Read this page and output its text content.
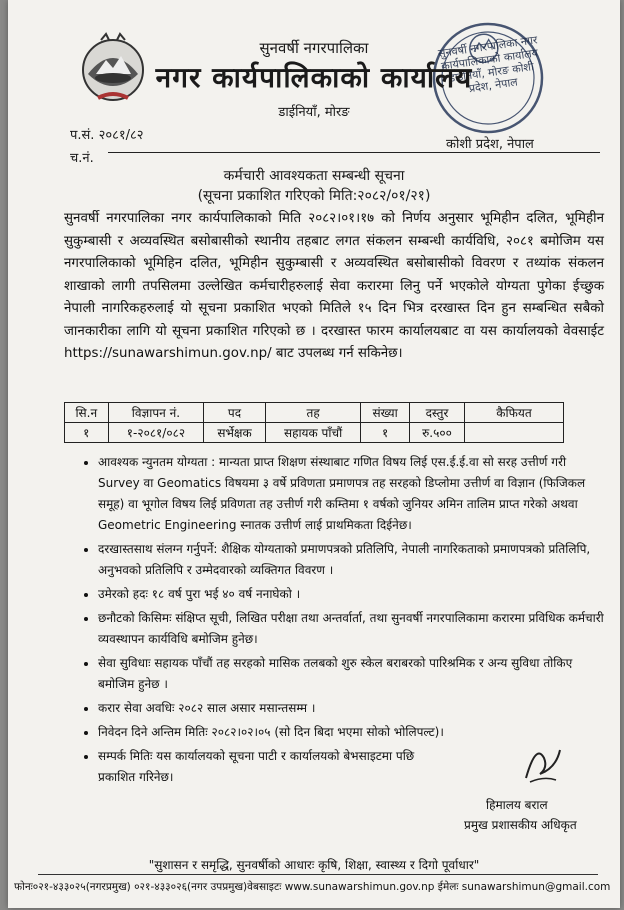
सुनवर्षी नगरपालिका नगर कार्यपालिकाको कार्यालय डाईनियाँ, मोरङ कोशी प्रदेश, नेपाल
सुनवर्षी नगरपालिका
नगर कार्यपालिकाको कार्यालय
डाईनियाँ, मोरङ
प.सं. २०८१/८२
च.नं.
कोशी प्रदेश, नेपाल
कर्मचारी आवश्यकता सम्बन्धी सूचना
(सूचना प्रकाशित गरिएको मिति:२०८२/०१/२१)
सुनवर्षी नगरपालिका नगर कार्यपालिकाको मिति २०८२।०१।१७ को निर्णय अनुसार भूमिहीन दलित, भूमिहीन सुकुम्बासी र अव्यवस्थित बसोबासीको स्थानीय तहबाट लगत संकलन सम्बन्धी कार्यविधि, २०८१ बमोजिम यस नगरपालिकाको भूमिहिन दलित, भूमिहीन सुकुम्बासी र अव्यवस्थित बसोबासीको विवरण र तथ्यांक संकलन शाखाको लागी तपसिलमा उल्लेखित कर्मचारीहरुलाई सेवा करारमा लिनु पर्ने भएकोले योग्यता पुगेका ईच्छुक नेपाली नागरिकहरुलाई यो सूचना प्रकाशित भएको मितिले १५ दिन भित्र दरखास्त दिन हुन सम्बन्धित सबैको जानकारीका लागि यो सूचना प्रकाशित गरिएको छ । दरखास्त फारम कार्यालयबाट वा यस कार्यालयको वेवसाईट https://sunawarshimun.gov.np/ बाट उपलब्ध गर्न सकिनेछ।
सि.न	विज्ञापन नं.	पद	तह	संख्या	दस्तुर	कैफियत
१	१-२०८१/०८२	सर्भेक्षक	सहायक पाँचौं	१	रु.५००	
• आवश्यक न्युनतम योग्यता : मान्यता प्राप्त शिक्षण संस्थाबाट गणित विषय लिई एस.ई.ई.वा सो सरह उत्तीर्ण गरी Survey वा Geomatics विषयमा ३ वर्षे प्रविणता प्रमाणपत्र तह सरहको डिप्लोमा उत्तीर्ण वा विज्ञान (फिजिकल समूह) वा भूगोल विषय लिई प्रविणता तह उत्तीर्ण गरी कम्तिमा १ वर्षको जुनियर अमिन तालिम प्राप्त गरेको अथवा Geometric Engineering स्नातक उत्तीर्ण लाई प्राथमिकता दिईनेछ।
• दरखास्तसाथ संलग्न गर्नुपर्ने: शैक्षिक योग्यताको प्रमाणपत्रको प्रतिलिपि, नेपाली नागरिकताको प्रमाणपत्रको प्रतिलिपि, अनुभवको प्रतिलिपि र उम्मेदवारको व्यक्तिगत विवरण ।
• उमेरको हदः १८ वर्ष पुरा भई ४० वर्ष ननाघेको ।
• छनौटको किसिमः संक्षिप्त सूची, लिखित परीक्षा तथा अन्तर्वार्ता, तथा सुनवर्षी नगरपालिकामा करारमा प्रविधिक कर्मचारी व्यवस्थापन कार्यविधि बमोजिम हुनेछ।
• सेवा सुविधाः सहायक पाँचौं तह सरहको मासिक तलबको शुरु स्केल बराबरको पारिश्रमिक र अन्य सुविधा तोकिए बमोजिम हुनेछ ।
• करार सेवा अवधिः २०८२ साल असार मसान्तसम्म ।
• निवेदन दिने अन्तिम मितिः २०८२।०२।०५ (सो दिन बिदा भएमा सोको भोलिपल्ट)।
• सम्पर्क मितिः यस कार्यालयको सूचना पाटी र कार्यालयको बेभसाइटमा पछि प्रकाशित गरिनेछ।
हिमालय बराल
प्रमुख प्रशासकीय अधिकृत
"सुशासन र समृद्धि, सुनवर्षीको आधारः कृषि, शिक्षा, स्वास्थ्य र दिगो पूर्वाधार"
फोनः०२१-४३३०२५(नगरप्रमुख) ०२१-४३३०२६(नगर उपप्रमुख)वेबसाइटः www.sunawarshimun.gov.np ईमेलः sunawarshimun@gmail.com
